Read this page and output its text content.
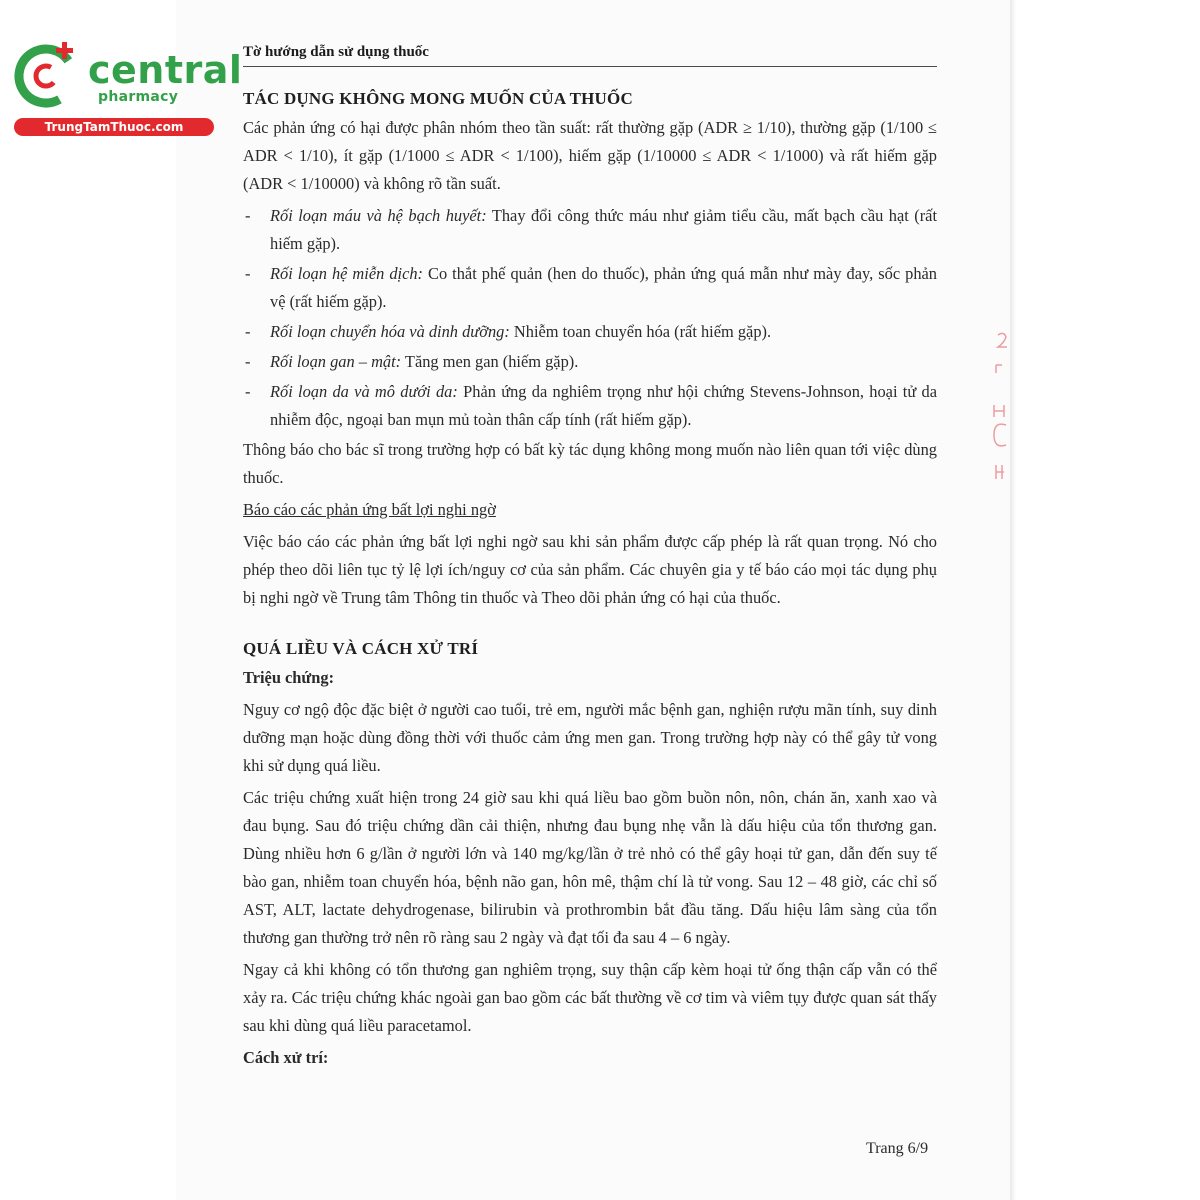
central
pharmacy
TrungTamThuoc.com
Tờ hướng dẫn sử dụng thuốc
TÁC DỤNG KHÔNG MONG MUỐN CỦA THUỐC
Các phản ứng có hại được phân nhóm theo tần suất: rất thường gặp (ADR ≥ 1/10), thường gặp (1/100 ≤ ADR < 1/10), ít gặp (1/1000 ≤ ADR < 1/100), hiếm gặp (1/10000 ≤ ADR < 1/1000) và rất hiếm gặp (ADR < 1/10000) và không rõ tần suất.
- Rối loạn máu và hệ bạch huyết: Thay đổi công thức máu như giảm tiểu cầu, mất bạch cầu hạt (rất hiếm gặp).
- Rối loạn hệ miễn dịch: Co thắt phế quản (hen do thuốc), phản ứng quá mẫn như mày đay, sốc phản vệ (rất hiếm gặp).
- Rối loạn chuyển hóa và dinh dưỡng: Nhiễm toan chuyển hóa (rất hiếm gặp).
- Rối loạn gan – mật: Tăng men gan (hiếm gặp).
- Rối loạn da và mô dưới da: Phản ứng da nghiêm trọng như hội chứng Stevens-Johnson, hoại tử da nhiễm độc, ngoại ban mụn mủ toàn thân cấp tính (rất hiếm gặp).
Thông báo cho bác sĩ trong trường hợp có bất kỳ tác dụng không mong muốn nào liên quan tới việc dùng thuốc.
Báo cáo các phản ứng bất lợi nghi ngờ
Việc báo cáo các phản ứng bất lợi nghi ngờ sau khi sản phẩm được cấp phép là rất quan trọng. Nó cho phép theo dõi liên tục tỷ lệ lợi ích/nguy cơ của sản phẩm. Các chuyên gia y tế báo cáo mọi tác dụng phụ bị nghi ngờ về Trung tâm Thông tin thuốc và Theo dõi phản ứng có hại của thuốc.
QUÁ LIỀU VÀ CÁCH XỬ TRÍ
Triệu chứng:
Nguy cơ ngộ độc đặc biệt ở người cao tuổi, trẻ em, người mắc bệnh gan, nghiện rượu mãn tính, suy dinh dưỡng mạn hoặc dùng đồng thời với thuốc cảm ứng men gan. Trong trường hợp này có thể gây tử vong khi sử dụng quá liều.
Các triệu chứng xuất hiện trong 24 giờ sau khi quá liều bao gồm buồn nôn, nôn, chán ăn, xanh xao và đau bụng. Sau đó triệu chứng dần cải thiện, nhưng đau bụng nhẹ vẫn là dấu hiệu của tổn thương gan. Dùng nhiều hơn 6 g/lần ở người lớn và 140 mg/kg/lần ở trẻ nhỏ có thể gây hoại tử gan, dẫn đến suy tế bào gan, nhiễm toan chuyển hóa, bệnh não gan, hôn mê, thậm chí là tử vong. Sau 12 – 48 giờ, các chỉ số AST, ALT, lactate dehydrogenase, bilirubin và prothrombin bắt đầu tăng. Dấu hiệu lâm sàng của tổn thương gan thường trở nên rõ ràng sau 2 ngày và đạt tối đa sau 4 – 6 ngày.
Ngay cả khi không có tổn thương gan nghiêm trọng, suy thận cấp kèm hoại tử ống thận cấp vẫn có thể xảy ra. Các triệu chứng khác ngoài gan bao gồm các bất thường về cơ tim và viêm tụy được quan sát thấy sau khi dùng quá liều paracetamol.
Cách xử trí:
Trang 6/9
